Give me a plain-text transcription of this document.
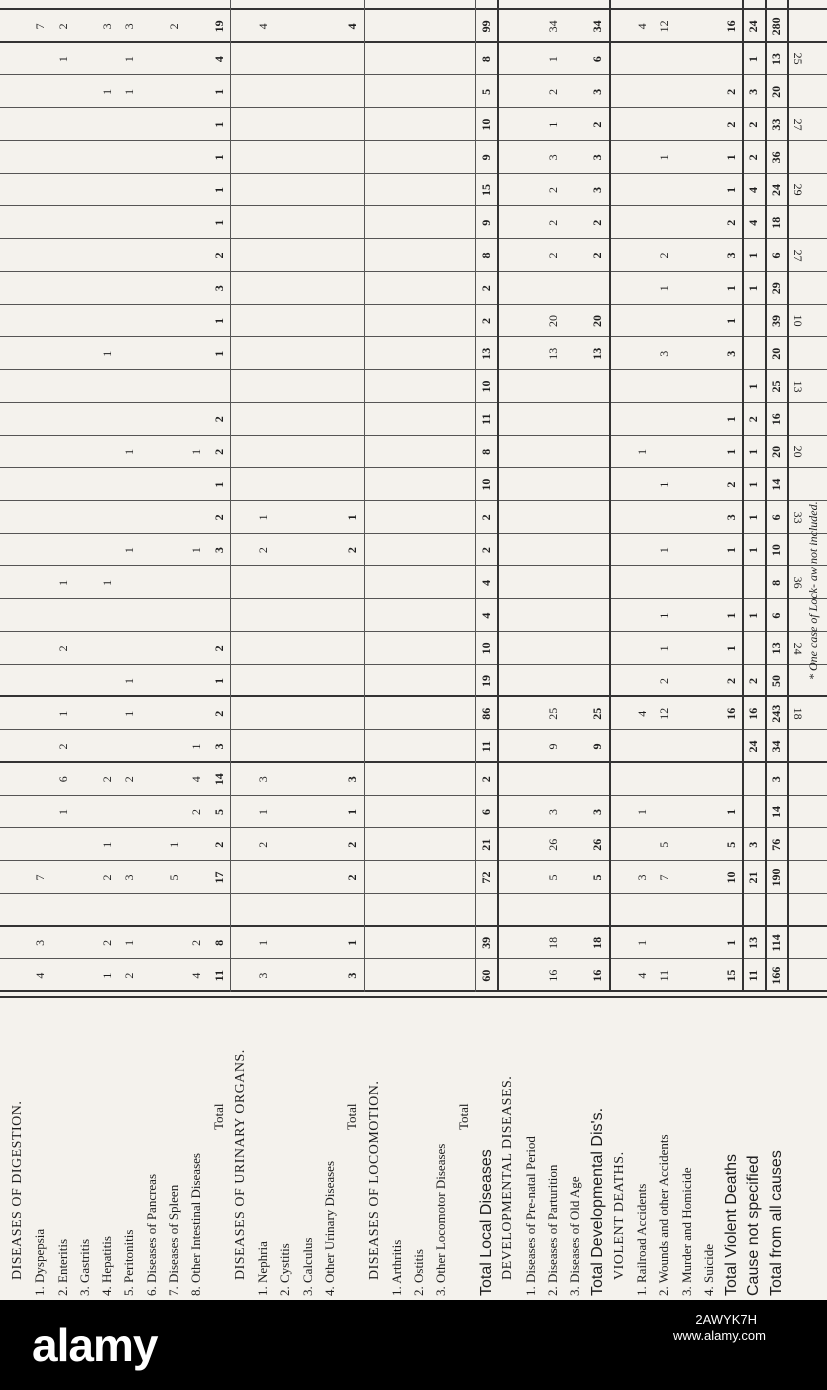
DISEASES OF DIGESTION. 1. Dyspepsia
4
3
7
7
2. Enteritis
1
6
2
1
2
1
1
2
3. Gastritis 4. Hepatitis
1
2
2
1
2
1
1
1
3
5. Peritonitis
2
1
3
2
1
1
1
1
1
1
3
6. Diseases of Pancreas 7. Diseases of Spleen
5
1
2
8. Other Intestinal Diseases
4
2
2
4
1
1
1
Total
11
8
17
2
5
14
3
2
1
2
3
2
1
2
2
1
1
3
2
1
1
1
1
1
4
19
DISEASES OF URINARY ORGANS. 1. Nephria
3
1
2
1
3
2
1
4
2. Cystitis 3. Calculus 4. Other Urinary Diseases
Total
3
1
2
2
1
3
2
1
4
DISEASES OF LOCOMOTION. 1. Arthritis 2. Ostitis 3. Other Locomotor Diseases
Total
Total Local Diseases
60
39
72
21
6
2
11
86
19
10
4
4
2
2
10
8
11
10
13
2
2
8
9
15
9
10
5
8
99
DEVELOPMENTAL DISEASES. 1. Diseases of Pre-natal Period 2. Diseases of Parturition
16
18
5
26
3
9
25
13
20
2
2
2
3
1
2
1
34
3. Diseases of Old Age Total Developmental Dis's.
16
18
5
26
3
9
25
13
20
2
2
3
3
2
3
6
34
VIOLENT DEATHS. 1. Railroad Accidents
4
1
3
1
4
1
4
2. Wounds and other Accidents
11
7
5
12
2
1
1
1
1
3
1
2
1
12
3. Murder and Homicide 4. Suicide Total Violent Deaths
15
1
10
5
1
16
2
1
1
1
3
2
1
1
3
1
1
3
2
1
1
2
2
16
Cause not specified
11
13
21
3
24
16
2
1
1
1
1
1
2
1
1
1
4
4
2
2
3
1
24
Total from all causes
166
114
190
76
14
3
34
243
50
13
6
8
10
6
14
20
16
25
20
39
29
6
18
24
36
33
20
13
280
18
24
36
33
20
13
10
27
29
27
25
* One case of Lock- aw not included.
alamy	2AWYK7H
www.alamy.com
